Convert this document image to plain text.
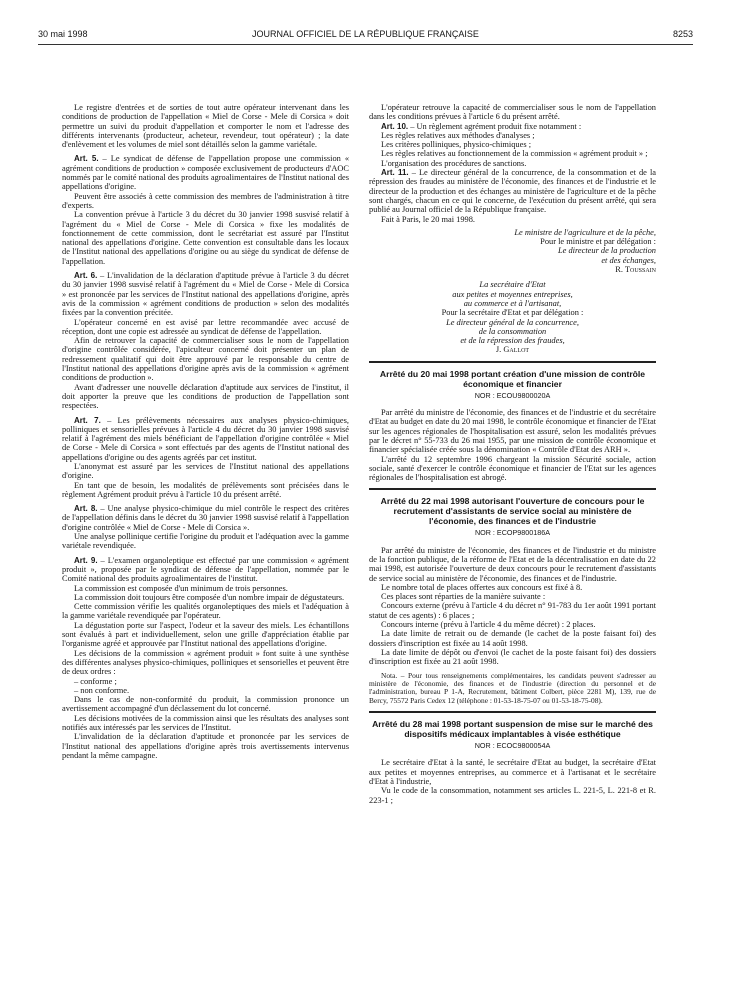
30 mai 1998	JOURNAL OFFICIEL DE LA RÉPUBLIQUE FRANÇAISE	8253

Le registre d'entrées et de sorties de tout autre opérateur intervenant dans les conditions de production de l'appellation « Miel de Corse - Mele di Corsica » doit permettre un suivi du produit d'appellation et comporter le nom et l'adresse des différents intervenants (producteur, acheteur, revendeur, tout opérateur) ; la date d'enlèvement et les volumes de miel sont détaillés selon la gamme variétale.

Art. 5. – Le syndicat de défense de l'appellation propose une commission « agrément conditions de production » composée exclusivement de producteurs d'AOC nommés par le comité national des produits agroalimentaires de l'Institut national des appellations d'origine.

Peuvent être associés à cette commission des membres de l'administration à titre d'experts.

La convention prévue à l'article 3 du décret du 30 janvier 1998 susvisé relatif à l'agrément du « Miel de Corse - Mele di Corsica » fixe les modalités de fonctionnement de cette commission, dont le secrétariat est assuré par l'Institut national des appellations d'origine. Cette convention est consultable dans les locaux de l'Institut national des appellations d'origine ou au siège du syndicat de défense de l'appellation.

Art. 6. – L'invalidation de la déclaration d'aptitude prévue à l'article 3 du décret du 30 janvier 1998 susvisé relatif à l'agrément du « Miel de Corse - Mele di Corsica » est prononcée par les services de l'Institut national des appellations d'origine, après avis de la commission « agrément conditions de production » selon des modalités fixées par la convention précitée.

L'opérateur concerné en est avisé par lettre recommandée avec accusé de réception, dont une copie est adressée au syndicat de défense de l'appellation.

Afin de retrouver la capacité de commercialiser sous le nom de l'appellation d'origine contrôlée considérée, l'apiculteur concerné doit présenter un plan de redressement qualitatif qui doit être approuvé par le responsable du centre de l'Institut national des appellations d'origine après avis de la commission « agrément conditions de production ».

Avant d'adresser une nouvelle déclaration d'aptitude aux services de l'institut, il doit apporter la preuve que les conditions de production de l'appellation sont respectées.

Art. 7. – Les prélèvements nécessaires aux analyses physico-chimiques, polliniques et sensorielles prévues à l'article 4 du décret du 30 janvier 1998 susvisé relatif à l'agrément des miels bénéficiant de l'appellation d'origine contrôlée « Miel de Corse - Mele di Corsica » sont effectués par des agents de l'Institut national des appellations d'origine ou des agents agréés par cet institut.

L'anonymat est assuré par les services de l'Institut national des appellations d'origine.

En tant que de besoin, les modalités de prélèvements sont précisées dans le règlement Agrément produit prévu à l'article 10 du présent arrêté.

Art. 8. – Une analyse physico-chimique du miel contrôle le respect des critères de l'appellation définis dans le décret du 30 janvier 1998 susvisé relatif à l'appellation d'origine contrôlée « Miel de Corse - Mele di Corsica ».

Une analyse pollinique certifie l'origine du produit et l'adéquation avec la gamme variétale revendiquée.

Art. 9. – L'examen organoleptique est effectué par une commission « agrément produit », proposée par le syndicat de défense de l'appellation, nommée par le Comité national des produits agroalimentaires de l'institut.

La commission est composée d'un minimum de trois personnes.

La commission doit toujours être composée d'un nombre impair de dégustateurs.

Cette commission vérifie les qualités organoleptiques des miels et l'adéquation à la gamme variétale revendiquée par l'opérateur.

La dégustation porte sur l'aspect, l'odeur et la saveur des miels. Les échantillons sont évalués à part et individuellement, selon une grille d'appréciation établie par l'organisme agréé et approuvée par l'Institut national des appellations d'origine.

Les décisions de la commission « agrément produit » font suite à une synthèse des différentes analyses physico-chimiques, polliniques et sensorielles et peuvent être de deux ordres :

– conforme ;

– non conforme.

Dans le cas de non-conformité du produit, la commission prononce un avertissement accompagné d'un déclassement du lot concerné.

Les décisions motivées de la commission ainsi que les résultats des analyses sont notifiés aux intéressés par les services de l'Institut.

L'invalidation de la déclaration d'aptitude et prononcée par les services de l'Institut national des appellations d'origine après trois avertissements intervenus pendant la même campagne.

L'opérateur retrouve la capacité de commercialiser sous le nom de l'appellation dans les conditions prévues à l'article 6 du présent arrêté.

Art. 10. – Un règlement agrément produit fixe notamment :

Les règles relatives aux méthodes d'analyses ;

Les critères polliniques, physico-chimiques ;

Les règles relatives au fonctionnement de la commission « agrément produit » ;

L'organisation des procédures de sanctions.

Art. 11. – Le directeur général de la concurrence, de la consommation et de la répression des fraudes au ministère de l'économie, des finances et de l'industrie et le directeur de la production et des échanges au ministère de l'agriculture et de la pêche sont chargés, chacun en ce qui le concerne, de l'exécution du présent arrêté, qui sera publié au Journal officiel de la République française.

Fait à Paris, le 20 mai 1998.

Le ministre de l'agriculture et de la pêche,

Pour le ministre et par délégation :

Le directeur de la production

et des échanges,

R. Toussain

La secrétaire d'Etat

aux petites et moyennes entreprises,

au commerce et à l'artisanat,

Pour la secrétaire d'Etat et par délégation :

Le directeur général de la concurrence,

de la consommation

et de la répression des fraudes,

J. Gallot

Arrêté du 20 mai 1998 portant création d'une mission de contrôle économique et financier
NOR : ECOU9800020A

Par arrêté du ministre de l'économie, des finances et de l'industrie et du secrétaire d'Etat au budget en date du 20 mai 1998, le contrôle économique et financier de l'Etat sur les agences régionales de l'hospitalisation est assuré, selon les modalités prévues par le décret n° 55-733 du 26 mai 1955, par une mission de contrôle économique et financier spécialisée créée sous la dénomination « Contrôle d'Etat des ARH ».

L'arrêté du 12 septembre 1996 chargeant la mission Sécurité sociale, action sociale, santé d'exercer le contrôle économique et financier de l'Etat sur les agences régionales de l'hospitalisation est abrogé.

Arrêté du 22 mai 1998 autorisant l'ouverture de concours pour le recrutement d'assistants de service social au ministère de l'économie, des finances et de l'industrie
NOR : ECOP9800186A

Par arrêté du ministre de l'économie, des finances et de l'industrie et du ministre de la fonction publique, de la réforme de l'Etat et de la décentralisation en date du 22 mai 1998, est autorisée l'ouverture de deux concours pour le recrutement d'assistants de service social au ministère de l'économie, des finances et de l'industrie.

Le nombre total de places offertes aux concours est fixé à 8.

Ces places sont réparties de la manière suivante :

Concours externe (prévu à l'article 4 du décret n° 91-783 du 1er août 1991 portant statut de ces agents) : 6 places ;

Concours interne (prévu à l'article 4 du même décret) : 2 places.

La date limite de retrait ou de demande (le cachet de la poste faisant foi) des dossiers d'inscription est fixée au 14 août 1998.

La date limite de dépôt ou d'envoi (le cachet de la poste faisant foi) des dossiers d'inscription est fixée au 21 août 1998.

Nota. – Pour tous renseignements complémentaires, les candidats peuvent s'adresser au ministère de l'économie, des finances et de l'industrie (direction du personnel et de l'administration, bureau P 1-A, Recrutement, bâtiment Colbert, pièce 2281 M), 139, rue de Bercy, 75572 Paris Cedex 12 (téléphone : 01-53-18-75-07 ou 01-53-18-75-08).

Arrêté du 28 mai 1998 portant suspension de mise sur le marché des dispositifs médicaux implantables à visée esthétique
NOR : ECOC9800054A

Le secrétaire d'Etat à la santé, le secrétaire d'Etat au budget, la secrétaire d'Etat aux petites et moyennes entreprises, au commerce et à l'artisanat et le secrétaire d'Etat à l'industrie,

Vu le code de la consommation, notamment ses articles L. 221-5, L. 221-8 et R. 223-1 ;
